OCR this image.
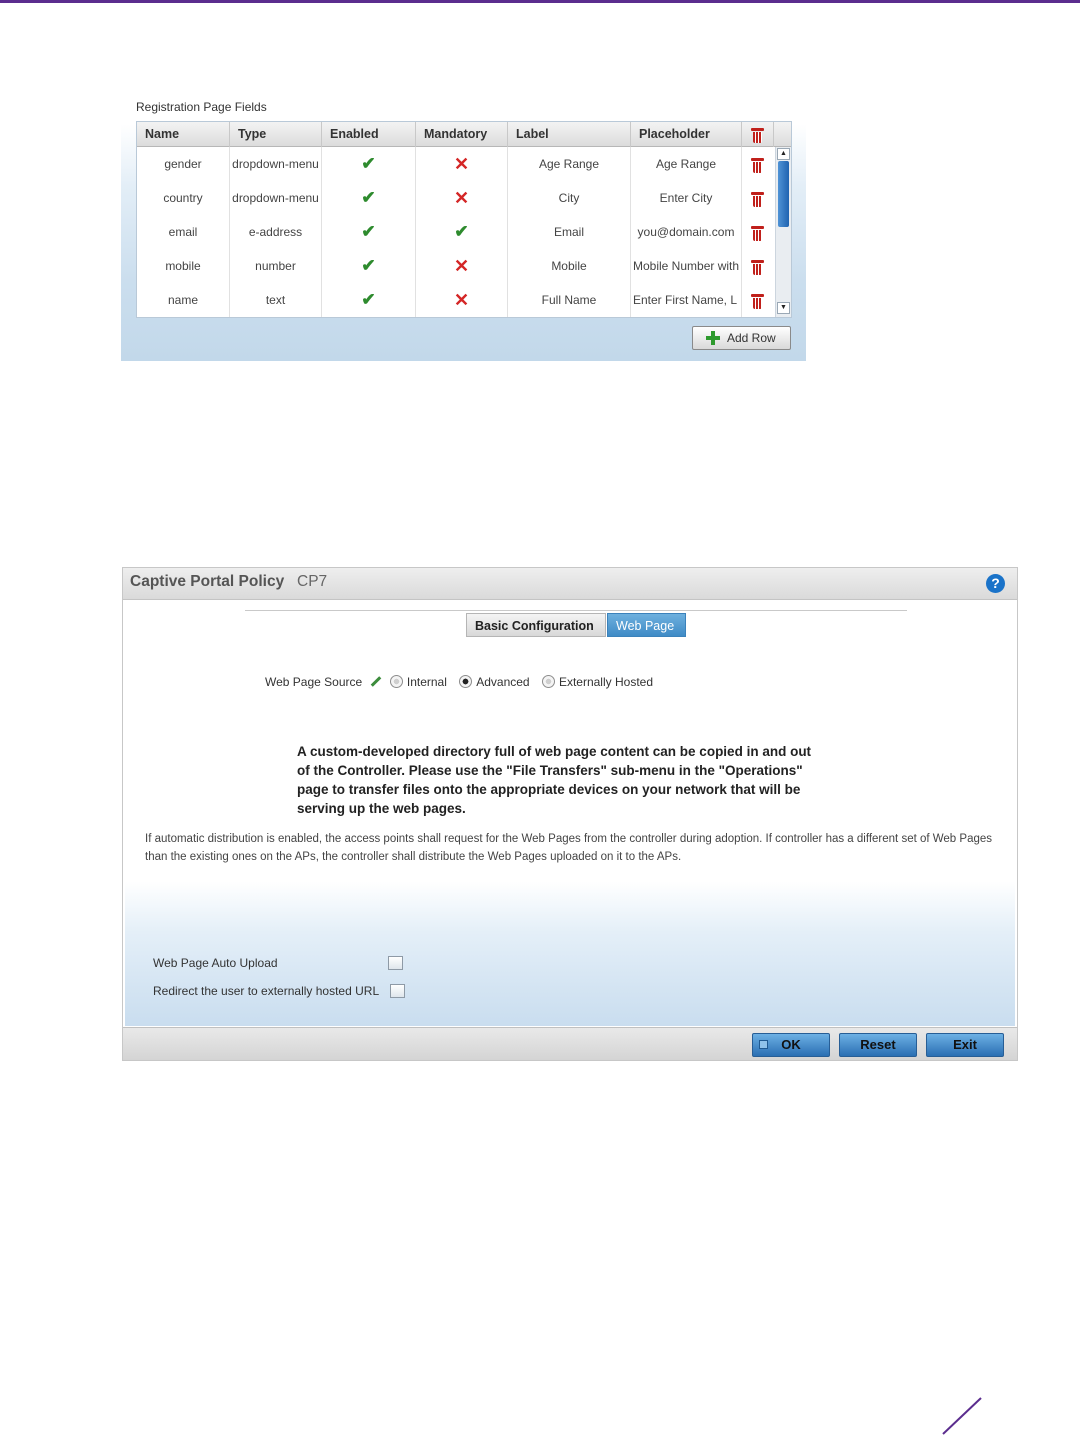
Registration Page Fields
Name	Type	Enabled	Mandatory	Label	Placeholder
gender	dropdown-menu	✔	✕	Age Range	Age Range
country	dropdown-menu	✔	✕	City	Enter City
email	e-address	✔	✔	Email	you@domain.com
mobile	number	✔	✕	Mobile	Mobile Number with
name	text	✔	✕	Full Name	Enter First Name, L
▲
▼
Add Row
Captive Portal Policy CP7	?
Basic Configuration	Web Page
Web Page Source	Internal Advanced Externally Hosted
A custom-developed directory full of web page content can be copied in and out of the Controller. Please use the "File Transfers" sub-menu in the "Operations" page to transfer files onto the appropriate devices on your network that will be serving up the web pages.
If automatic distribution is enabled, the access points shall request for the Web Pages from the controller during adoption. If controller has a different set of Web Pages than the existing ones on the APs, the controller shall distribute the Web Pages uploaded on it to the APs.
Web Page Auto Upload
Redirect the user to externally hosted URL
OK	Reset	Exit
